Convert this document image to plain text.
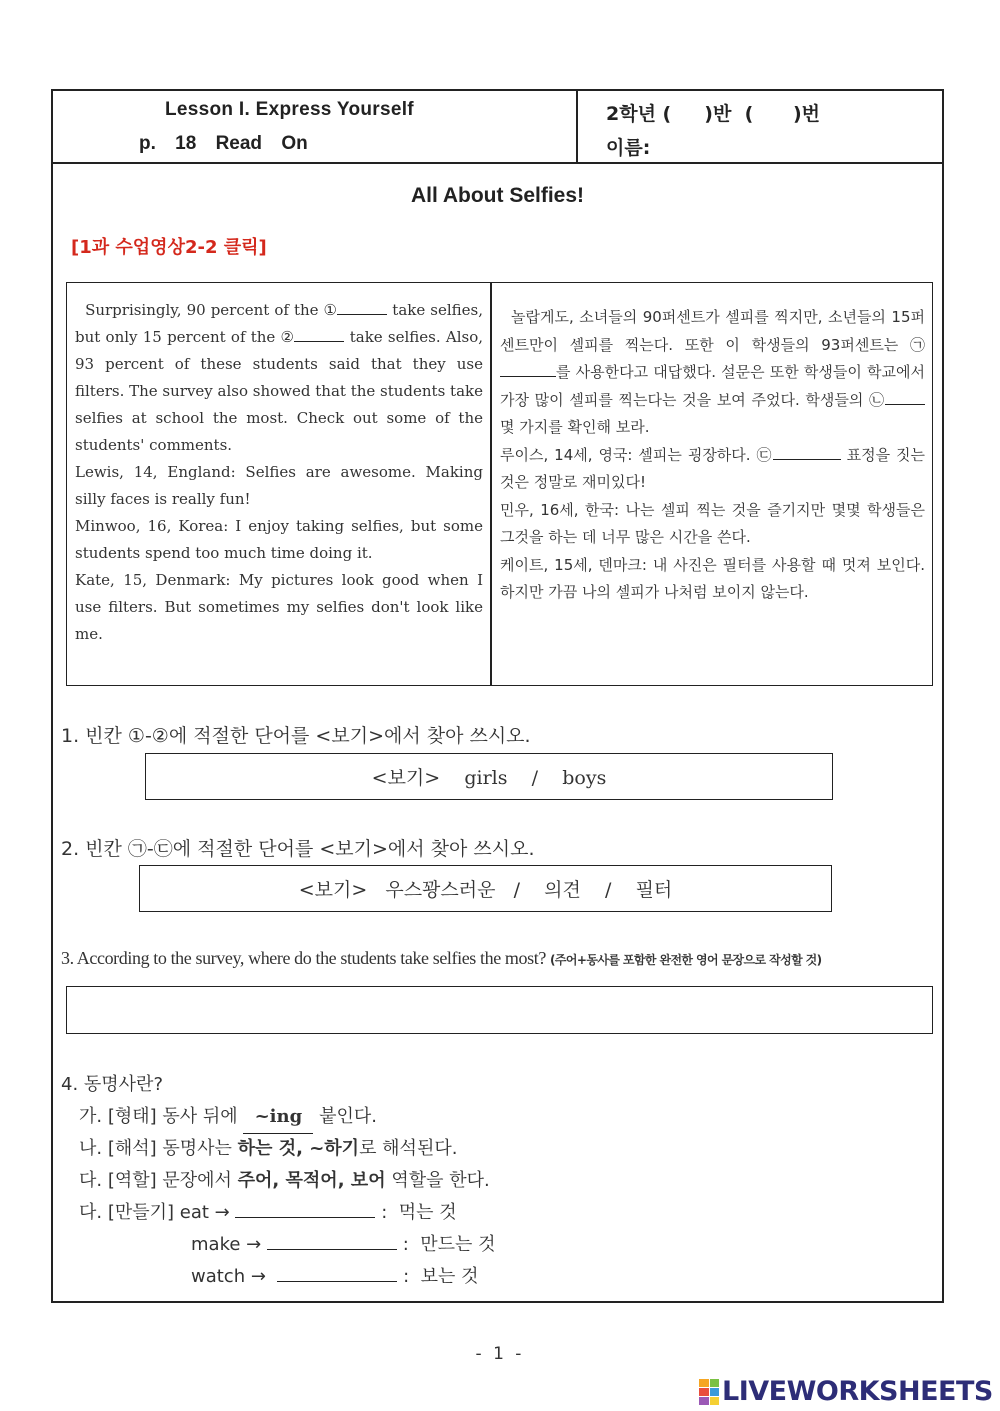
Lesson I. Express Yourself
p. 18 Read On
2학년 (     )반  (      )번
이름:
All About Selfies!
[1과 수업영상2-2 클릭]

Surprisingly, 90 percent of the ①	take selfies, but only 15 percent of the ②	take selfies. Also, 93 percent of these students said that they use filters. The survey also showed that the students take selfies at school the most. Check out some of the students' comments.

Lewis, 14, England: Selfies are awesome. Making silly faces is really fun!

Minwoo, 16, Korea: I enjoy taking selfies, but some students spend too much time doing it.

Kate, 15, Denmark: My pictures look good when I use filters. But sometimes my selfies don't look like me.

놀랍게도, 소녀들의 90퍼센트가 셀피를 찍지만, 소년들의 15퍼센트만이 셀피를 찍는다. 또한 이 학생들의 93퍼센트는 ㉠를 사용한다고 대답했다. 설문은 또한 학생들이 학교에서 가장 많이 셀피를 찍는다는 것을 보여 주었다. 학생들의 ㉡ 몇 가지를 확인해 보라.

루이스, 14세, 영국: 셀피는 굉장하다. ㉢	표정을 짓는 것은 정말로 재미있다!

민우, 16세, 한국: 나는 셀피 찍는 것을 즐기지만 몇몇 학생들은 그것을 하는 데 너무 많은 시간을 쓴다.

케이트, 15세, 덴마크: 내 사진은 필터를 사용할 때 멋져 보인다. 하지만 가끔 나의 셀피가 나처럼 보이지 않는다.

1. 빈칸 ①-②에 적절한 단어를 <보기>에서 찾아 쓰시오.
<보기>    girls    /    boys
2. 빈칸 ㉠-㉢에 적절한 단어를 <보기>에서 찾아 쓰시오.
<보기>   우스꽝스러운   /    의견    /    필터
3. According to the survey, where do the students take selfies the most? (주어+동사를 포함한 완전한 영어 문장으로 작성할 것)
4. 동명사란?
가. [형태] 동사 뒤에 ~ing 붙인다.
나. [해석] 동명사는 하는 것, ~하기로 해석된다.
다. [역할] 문장에서 주어, 목적어, 보어 역할을 한다.
다. [만들기] eat →	:  먹는 것
make →	:  만드는 것
watch →	:  보는 것
- 1 -
LIVEWORKSHEETS
